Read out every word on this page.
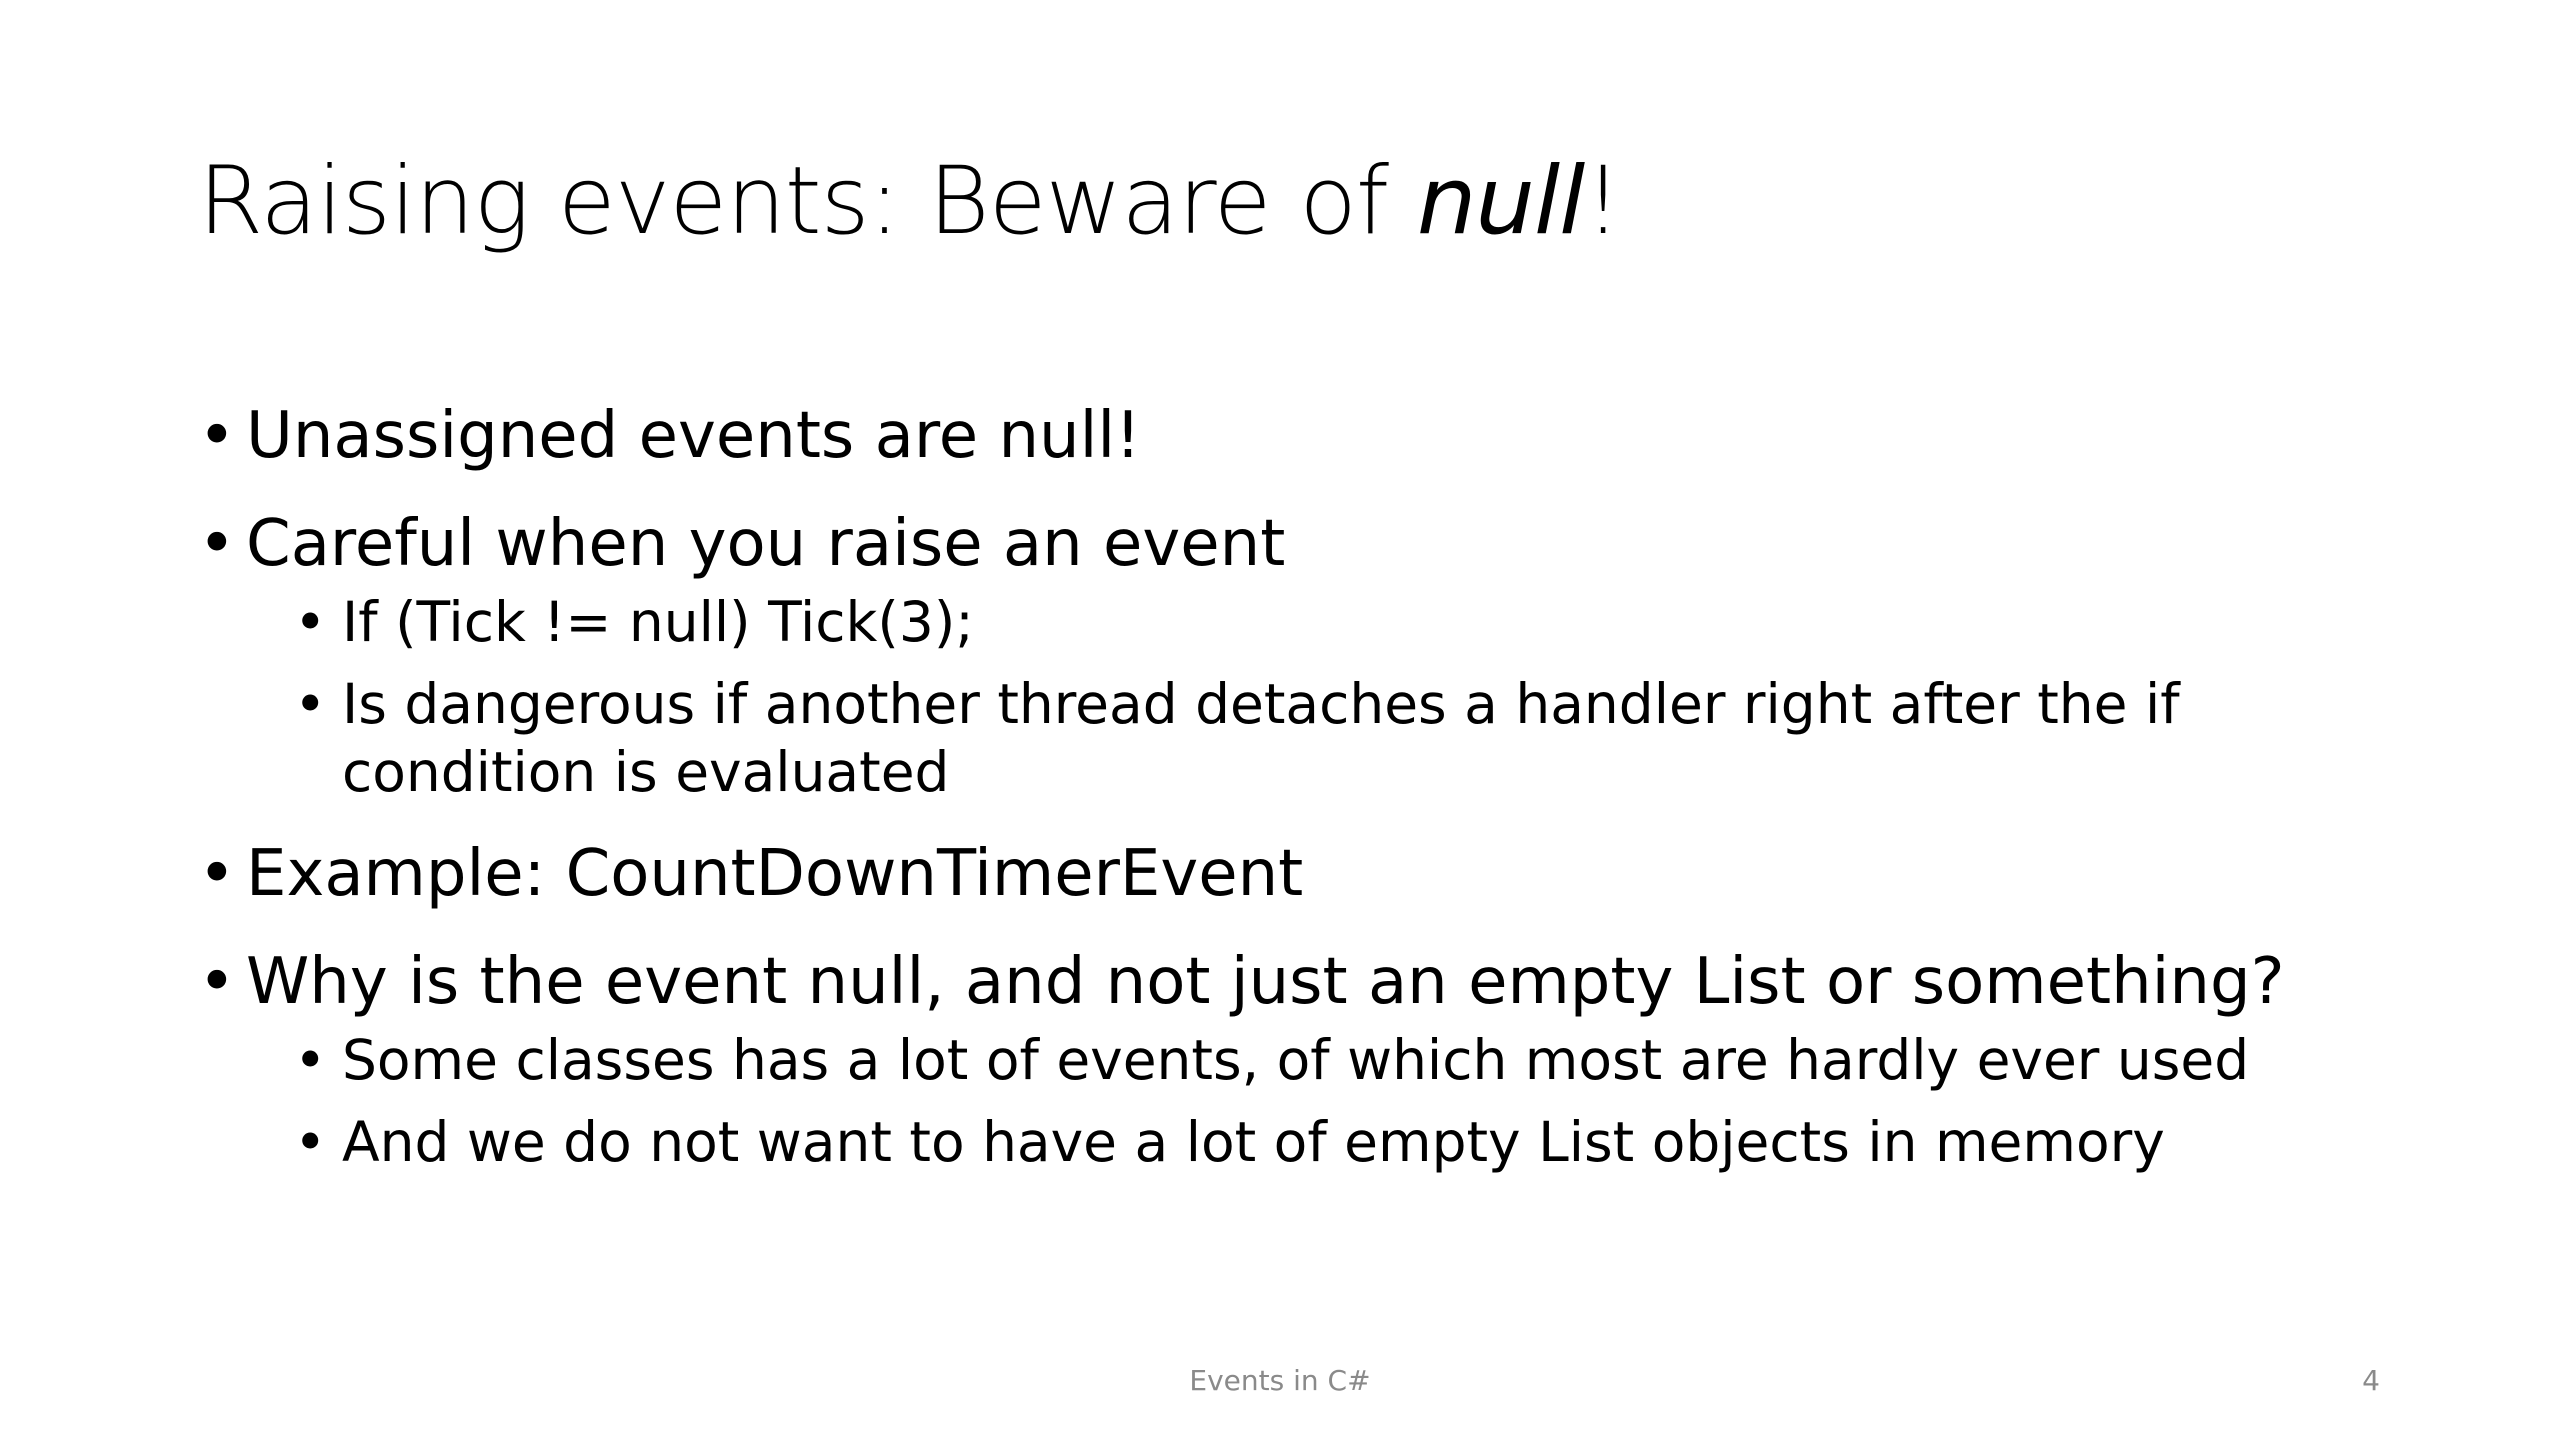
Raising events: Beware of null!
• Unassigned events are null!
• Careful when you raise an event
• If (Tick != null) Tick(3);
• Is dangerous if another thread detaches a handler right after the if condition is evaluated
• Example: CountDownTimerEvent
• Why is the event null, and not just an empty List or something?
• Some classes has a lot of events, of which most are hardly ever used
• And we do not want to have a lot of empty List objects in memory
Events in C#	4
